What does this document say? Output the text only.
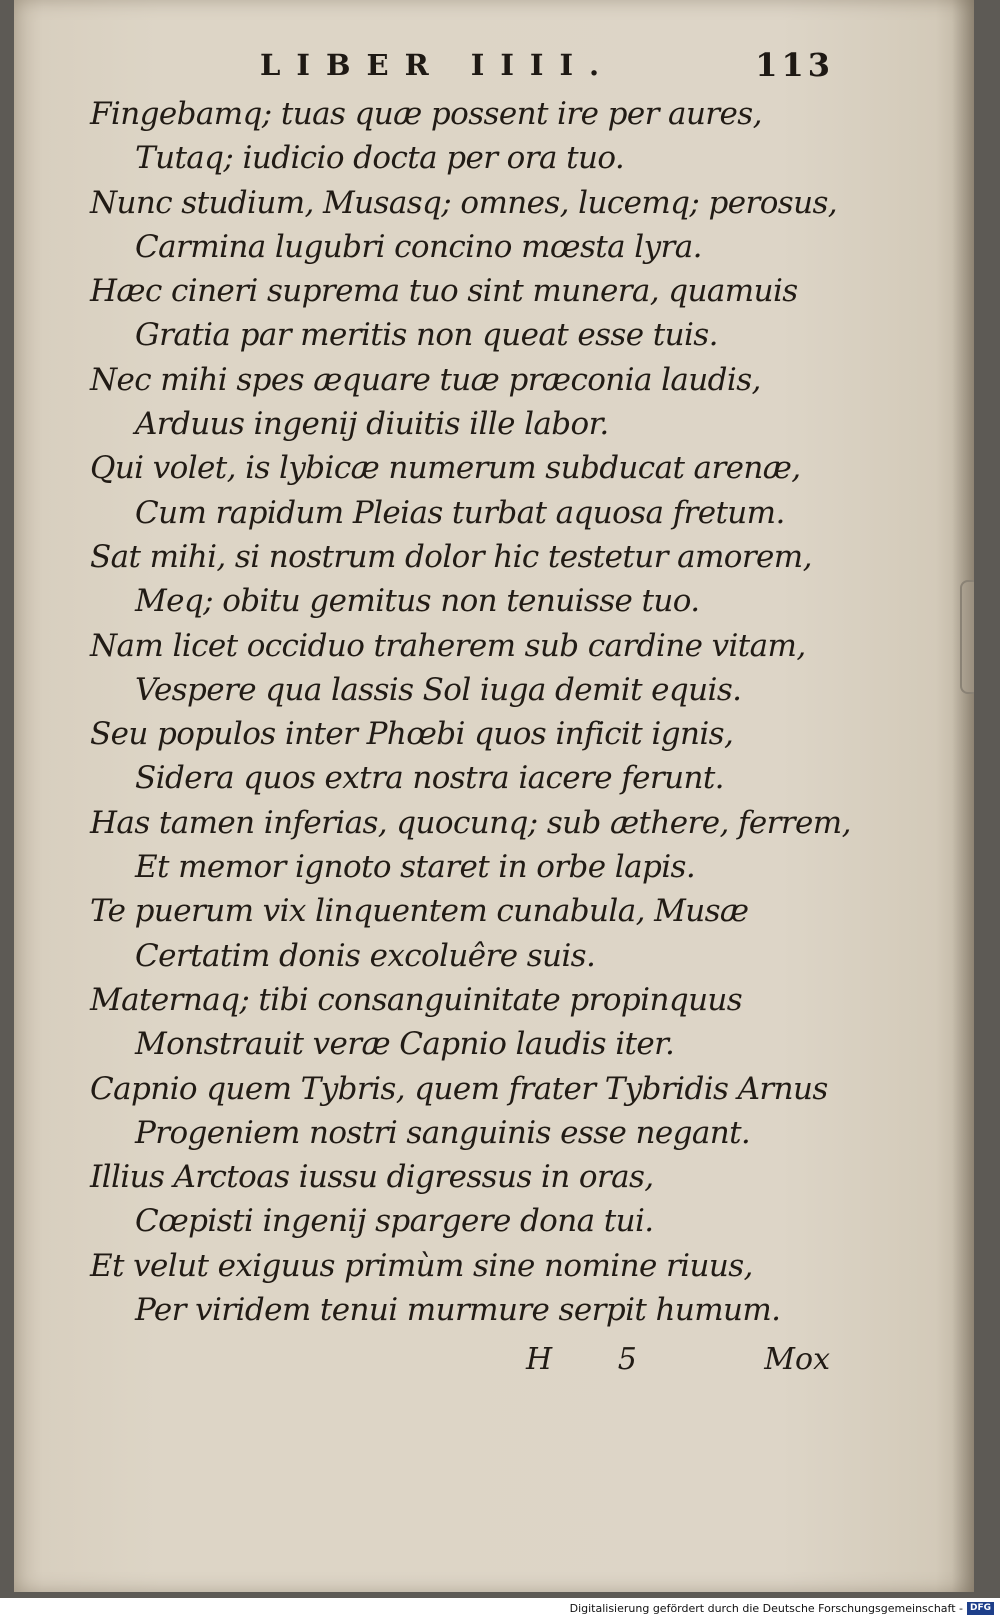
LIBER IIII.	113
Fingebamq; tuas quæ possent ire per aures,
Tutaq; iudicio docta per ora tuo.
Nunc studium, Musasq; omnes, lucemq; perosus,
Carmina lugubri concino mœsta lyra.
Hæc cineri suprema tuo sint munera, quamuis
Gratia par meritis non queat esse tuis.
Nec mihi spes æquare tuæ præconia laudis,
Arduus ingenij diuitis ille labor.
Qui volet, is lybicæ numerum subducat arenæ,
Cum rapidum Pleias turbat aquosa fretum.
Sat mihi, si nostrum dolor hic testetur amorem,
Meq; obitu gemitus non tenuisse tuo.
Nam licet occiduo traherem sub cardine vitam,
Vespere qua lassis Sol iuga demit equis.
Seu populos inter Phœbi quos inficit ignis,
Sidera quos extra nostra iacere ferunt.
Has tamen inferias, quocunq; sub æthere, ferrem,
Et memor ignoto staret in orbe lapis.
Te puerum vix linquentem cunabula, Musæ
Certatim donis excoluêre suis.
Maternaq; tibi consanguinitate propinquus
Monstrauit veræ Capnio laudis iter.
Capnio quem Tybris, quem frater Tybridis Arnus
Progeniem nostri sanguinis esse negant.
Illius Arctoas iussu digressus in oras,
Cœpisti ingenij spargere dona tui.
Et velut exiguus primùm sine nomine riuus,
Per viridem tenui murmure serpit humum.
H 5	Mox
Digitalisierung gefördert durch die Deutsche Forschungsgemeinschaft - DFG
